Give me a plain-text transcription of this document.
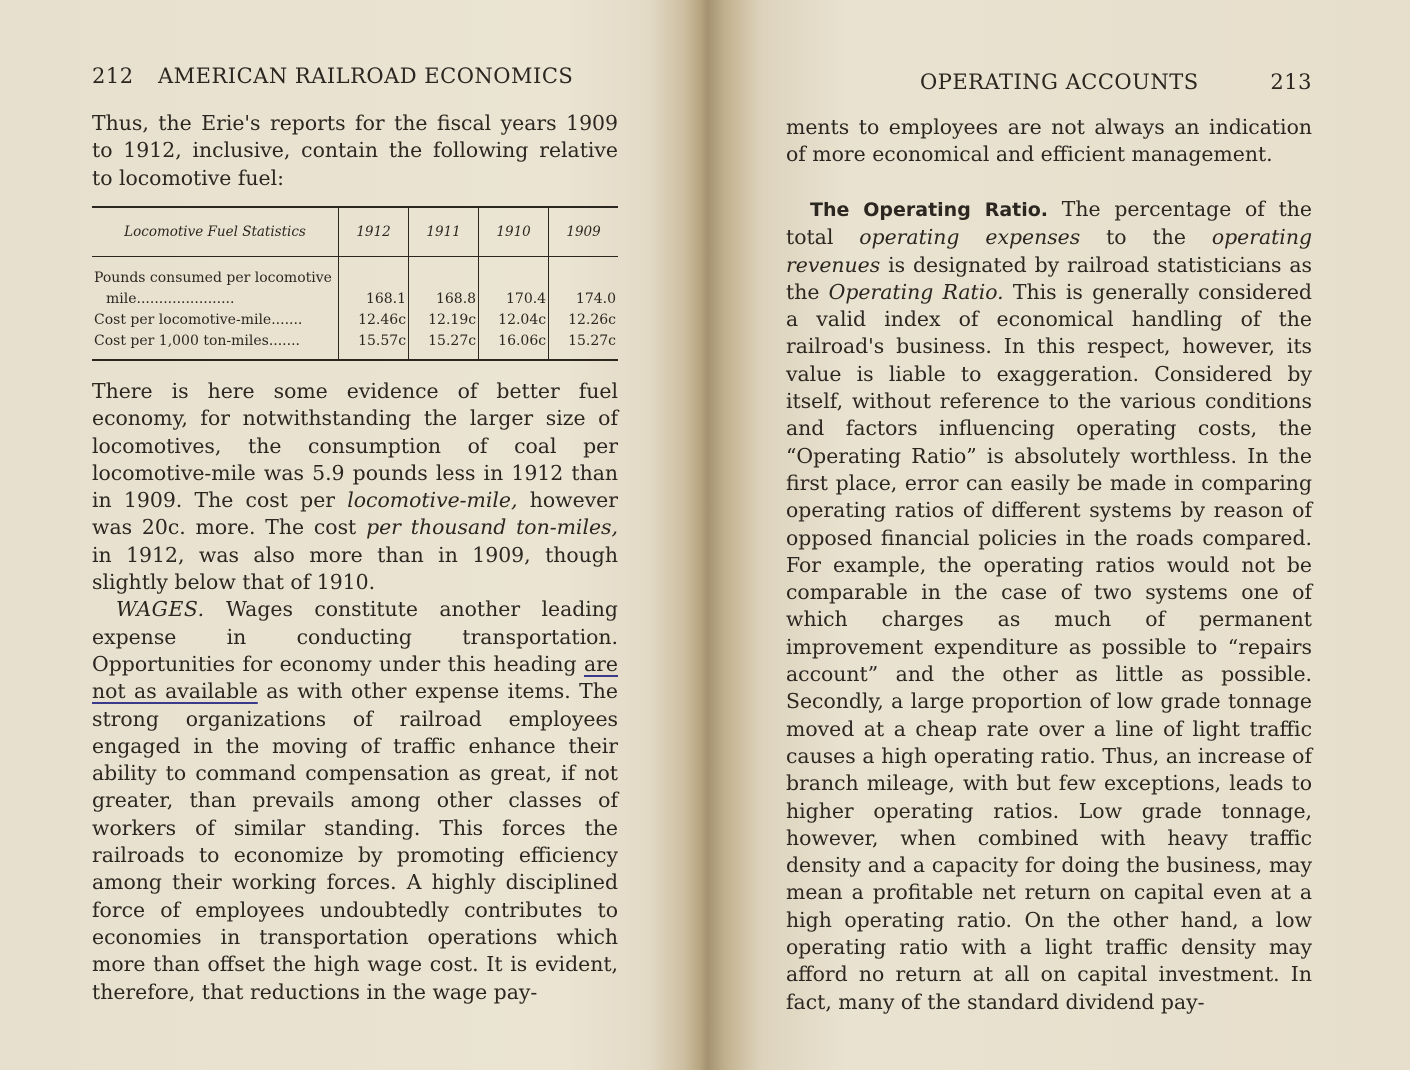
212 AMERICAN RAILROAD ECONOMICS

Thus, the Erie's reports for the fiscal years 1909 to 1912, inclusive, contain the following relative to locomotive fuel:

Locomotive Fuel Statistics	1912	1911	1910	1909
Pounds consumed per locomotive				
mile......................	168.1	168.8	170.4	174.0
Cost per locomotive-mile.......	12.46c	12.19c	12.04c	12.26c
Cost per 1,000 ton-miles.......	15.57c	15.27c	16.06c	15.27c

There is here some evidence of better fuel economy, for notwithstanding the larger size of locomotives, the consumption of coal per locomotive-mile was 5.9 pounds less in 1912 than in 1909. The cost per locomotive-mile, however was 20c. more. The cost per thousand ton-miles, in 1912, was also more than in 1909, though slightly below that of 1910.

WAGES. Wages constitute another leading expense in conducting transportation. Opportunities for economy under this heading are not as available as with other expense items. The strong organizations of railroad employees engaged in the moving of traffic enhance their ability to command compensation as great, if not greater, than prevails among other classes of workers of similar standing. This forces the railroads to economize by promoting efficiency among their working forces. A highly disciplined force of employees undoubtedly contributes to economies in transportation operations which more than offset the high wage cost. It is evident, therefore, that reductions in the wage pay-

OPERATING ACCOUNTS	213

ments to employees are not always an indication of more economical and efficient management.

The Operating Ratio. The percentage of the total operating expenses to the operating revenues is designated by railroad statisticians as the Operating Ratio. This is generally considered a valid index of economical handling of the railroad's business. In this respect, however, its value is liable to exaggeration. Considered by itself, without reference to the various conditions and factors influencing operating costs, the “Operating Ratio” is absolutely worthless. In the first place, error can easily be made in comparing operating ratios of different systems by reason of opposed financial policies in the roads compared. For example, the operating ratios would not be comparable in the case of two systems one of which charges as much of permanent improvement expenditure as possible to “repairs account” and the other as little as possible. Secondly, a large proportion of low grade tonnage moved at a cheap rate over a line of light traffic causes a high operating ratio. Thus, an increase of branch mileage, with but few exceptions, leads to higher operating ratios. Low grade tonnage, however, when combined with heavy traffic density and a capacity for doing the business, may mean a profitable net return on capital even at a high operating ratio. On the other hand, a low operating ratio with a light traffic density may afford no return at all on capital investment. In fact, many of the standard dividend pay-
